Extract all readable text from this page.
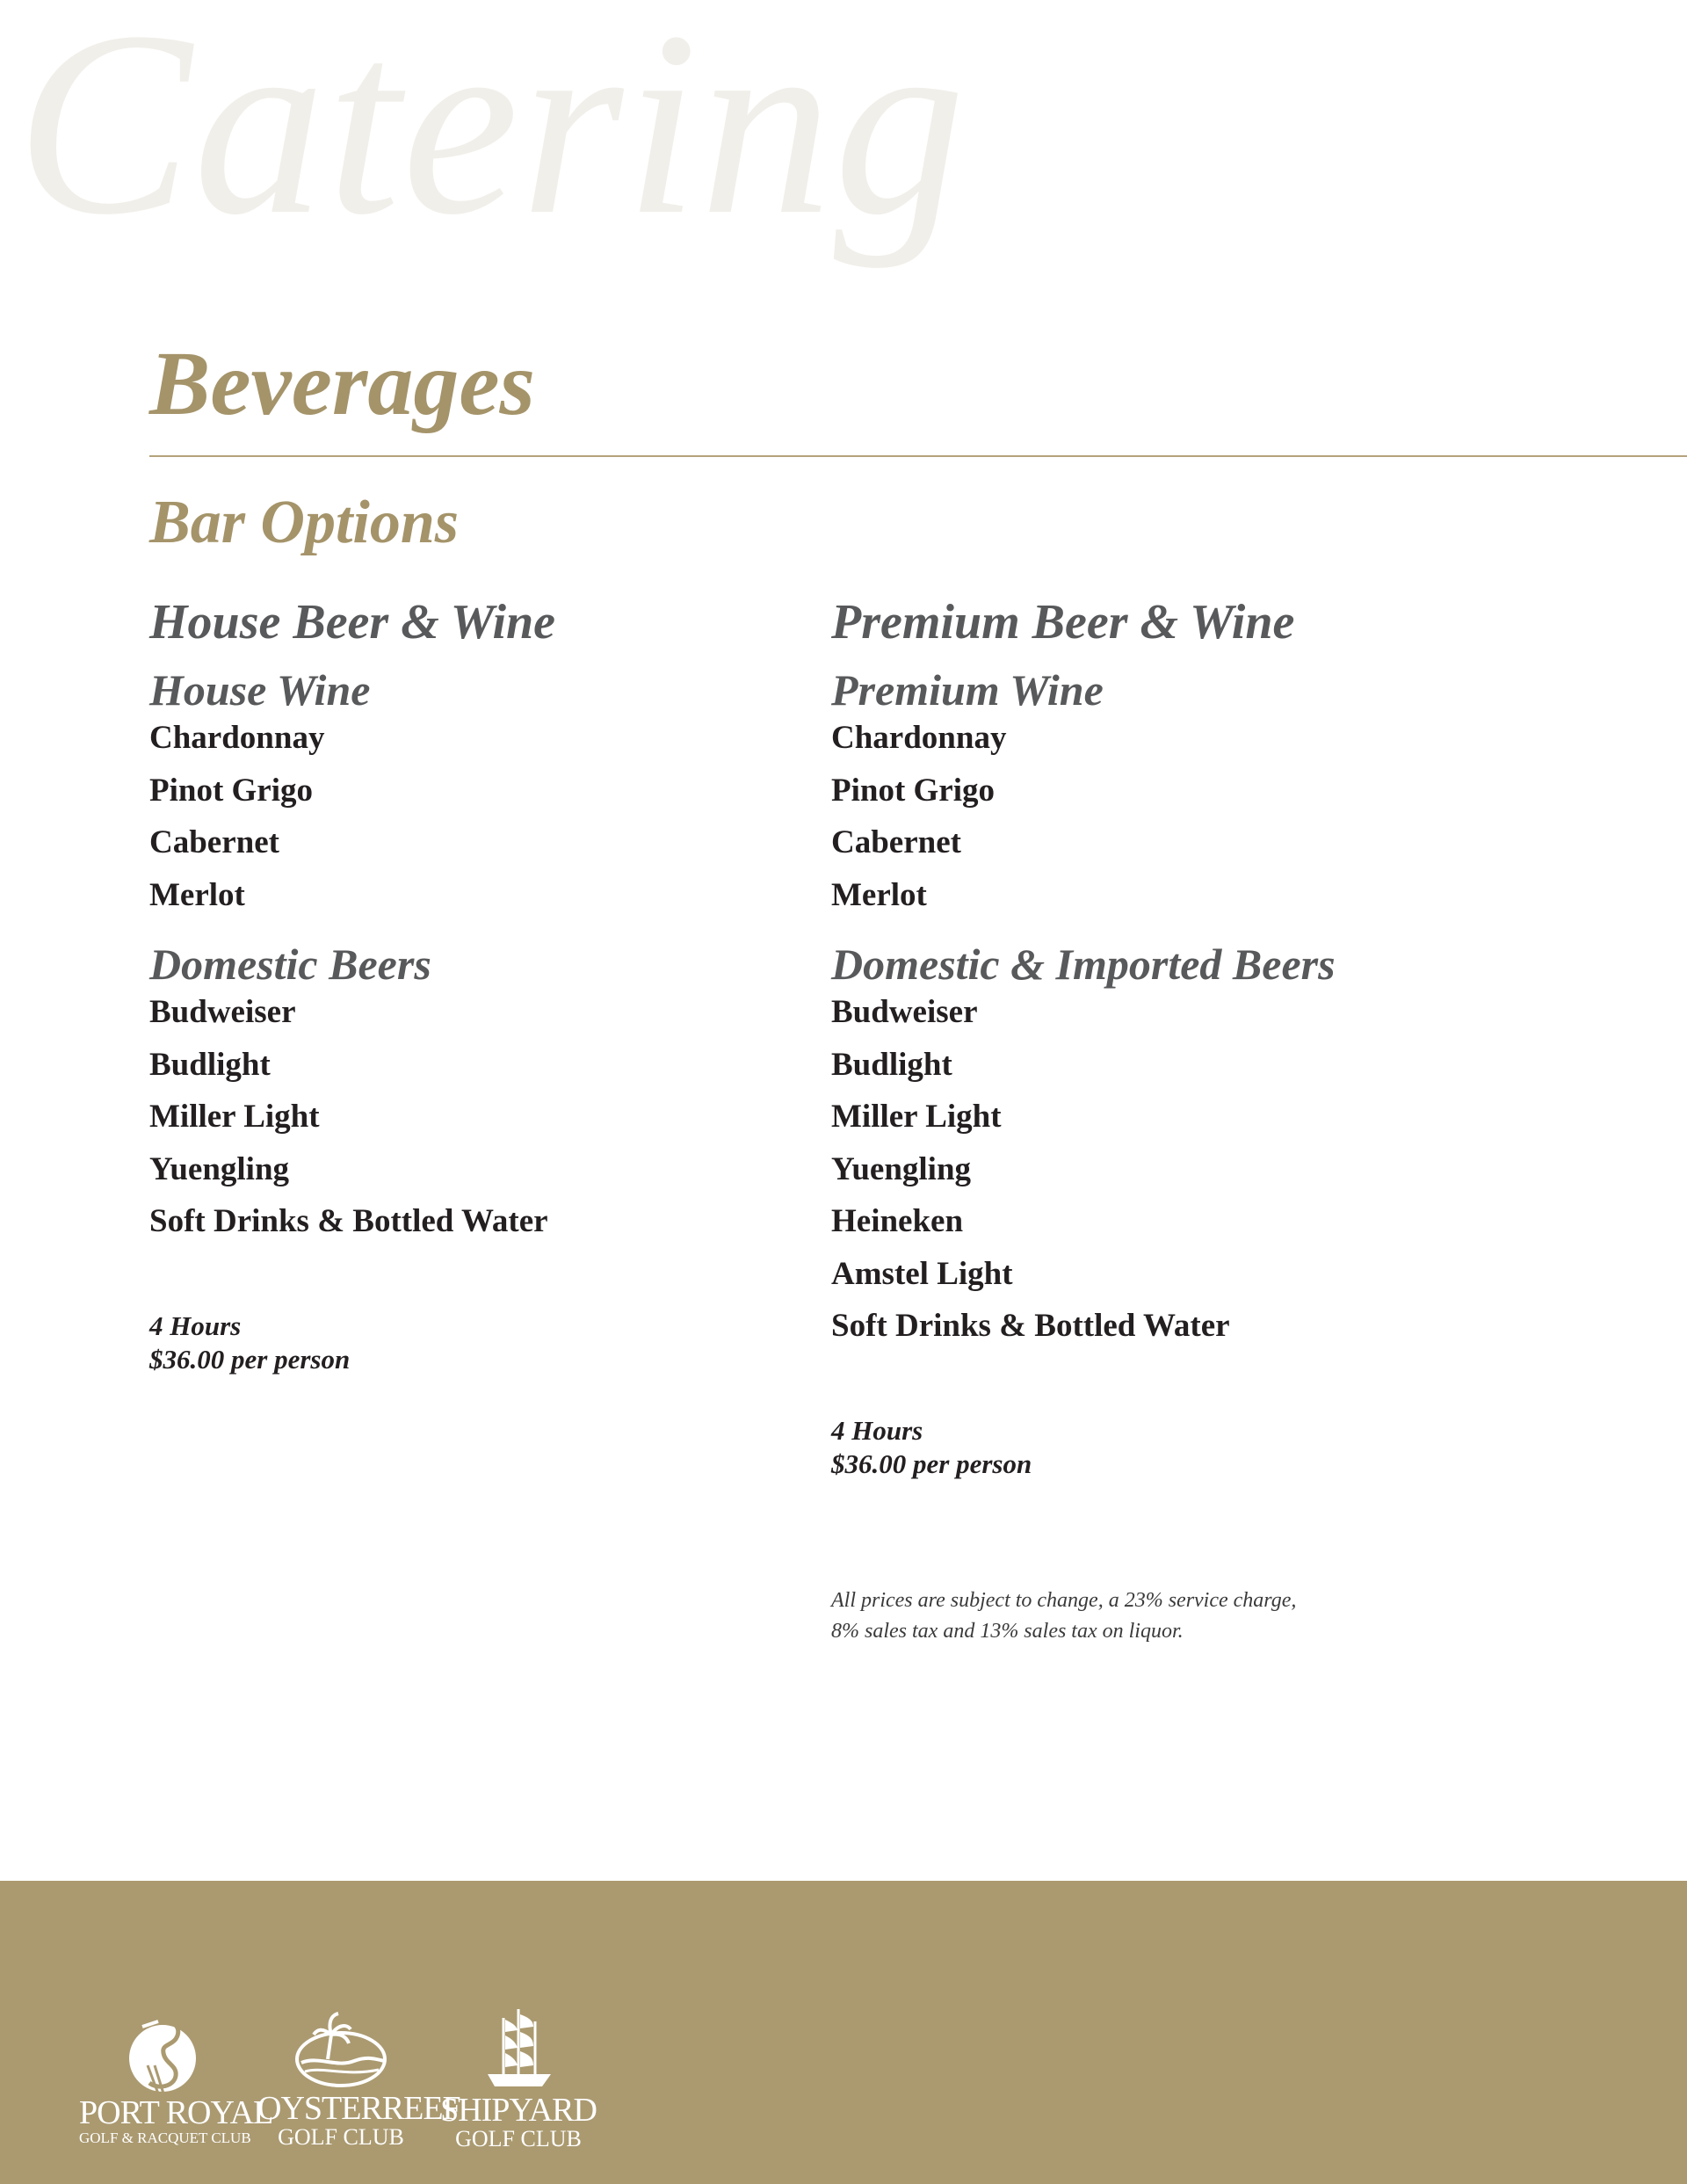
Catering
Beverages
Bar Options
House Beer & Wine
House Wine
Chardonnay
Pinot Grigo
Cabernet
Merlot
Domestic Beers
Budweiser
Budlight
Miller Light
Yuengling
Soft Drinks & Bottled Water
4 Hours
$36.00 per person
Premium Beer & Wine
Premium Wine
Chardonnay
Pinot Grigo
Cabernet
Merlot
Domestic & Imported Beers
Budweiser
Budlight
Miller Light
Yuengling
Heineken
Amstel Light
Soft Drinks & Bottled Water
4 Hours
$36.00 per person
All prices are subject to change, a 23% service charge,
8% sales tax and 13% sales tax on liquor.
PORT ROYAL
GOLF & RACQUET CLUB
OYSTERREEF
GOLF CLUB
SHIPYARD
GOLF CLUB
